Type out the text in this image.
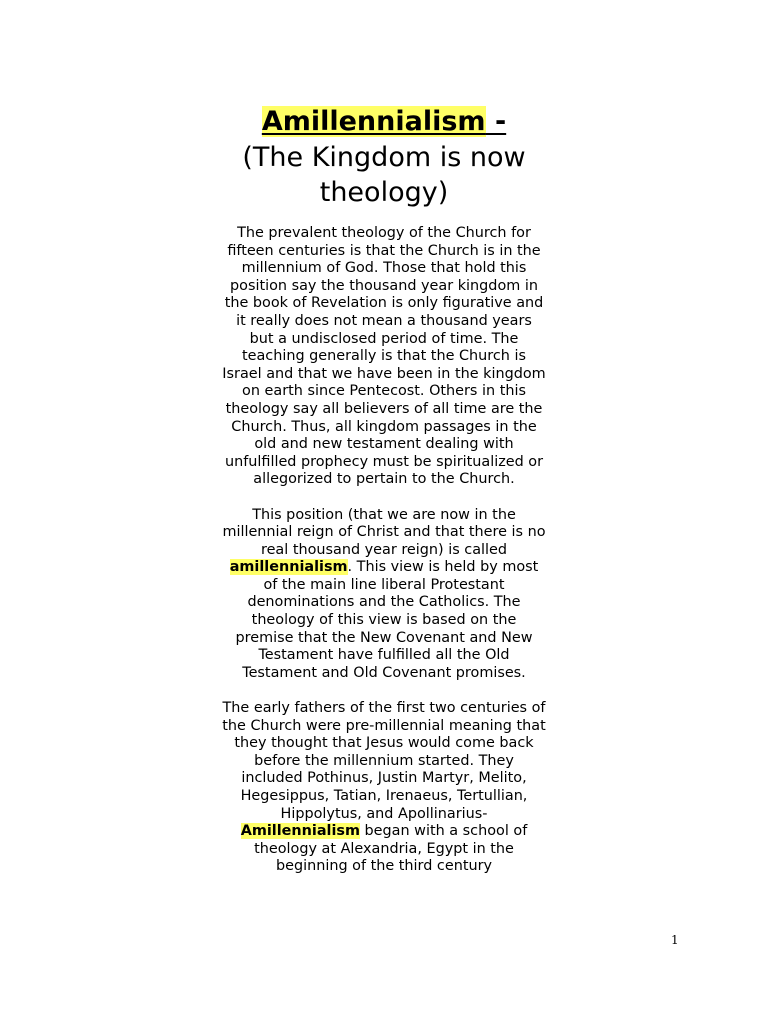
Amillennialism -

(The Kingdom is now theology)

The prevalent theology of the Church for fifteen centuries is that the Church is in the millennium of God. Those that hold this position say the thousand year kingdom in the book of Revelation is only figurative and it really does not mean a thousand years but a undisclosed period of time. The teaching generally is that the Church is Israel and that we have been in the kingdom on earth since Pentecost. Others in this theology say all believers of all time are the Church. Thus, all kingdom passages in the old and new testament dealing with unfulfilled prophecy must be spiritualized or allegorized to pertain to the Church.

This position (that we are now in the millennial reign of Christ and that there is no real thousand year reign) is called amillennialism. This view is held by most of the main line liberal Protestant denominations and the Catholics. The theology of this view is based on the premise that the New Covenant and New Testament have fulfilled all the Old Testament and Old Covenant promises.

The early fathers of the first two centuries of the Church were pre-millennial meaning that they thought that Jesus would come back before the millennium started. They included Pothinus, Justin Martyr, Melito, Hegesippus, Tatian, Irenaeus, Tertullian, Hippolytus, and Apollinarius-Amillennialism began with a school of theology at Alexandria, Egypt in the beginning of the third century

1
